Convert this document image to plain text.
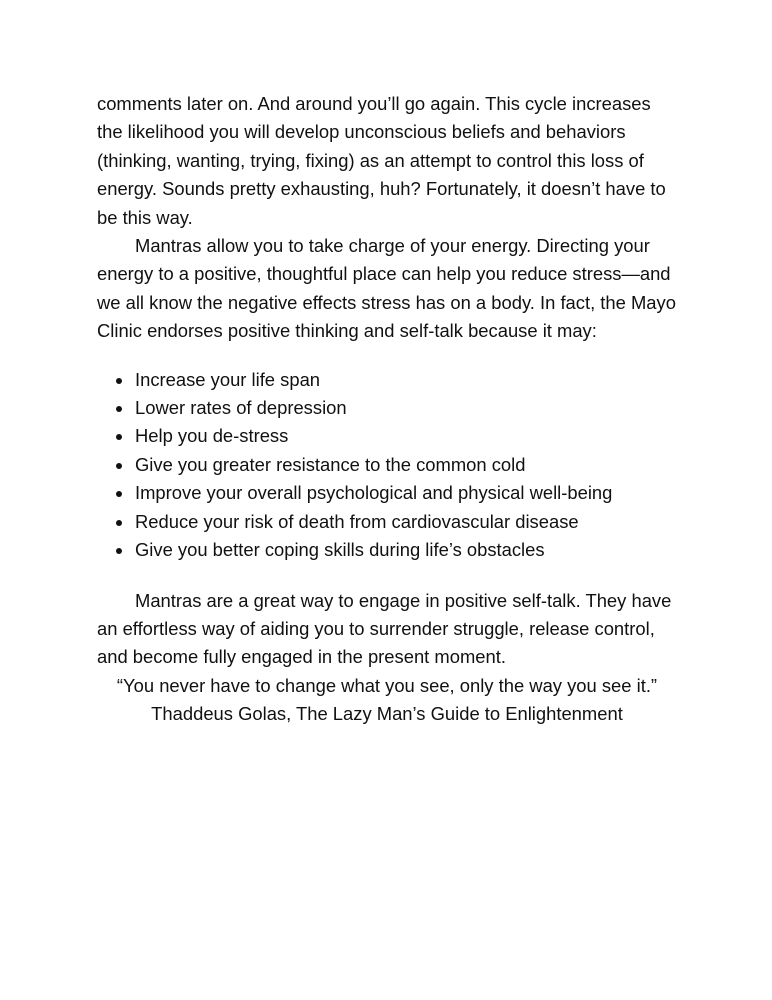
comments later on. And around you’ll go again. This cycle increases the likelihood you will develop unconscious beliefs and behaviors (thinking, wanting, trying, fixing) as an attempt to control this loss of energy. Sounds pretty exhausting, huh? Fortunately, it doesn’t have to be this way.

Mantras allow you to take charge of your energy. Directing your energy to a positive, thoughtful place can help you reduce stress—and we all know the negative effects stress has on a body. In fact, the Mayo Clinic endorses positive thinking and self-talk because it may:

Increase your life span
Lower rates of depression
Help you de-stress
Give you greater resistance to the common cold
Improve your overall psychological and physical well-being
Reduce your risk of death from cardiovascular disease
Give you better coping skills during life’s obstacles

Mantras are a great way to engage in positive self-talk. They have an effortless way of aiding you to surrender struggle, release control, and become fully engaged in the present moment.

“You never have to change what you see, only the way you see it.”

Thaddeus Golas, The Lazy Man’s Guide to Enlightenment
